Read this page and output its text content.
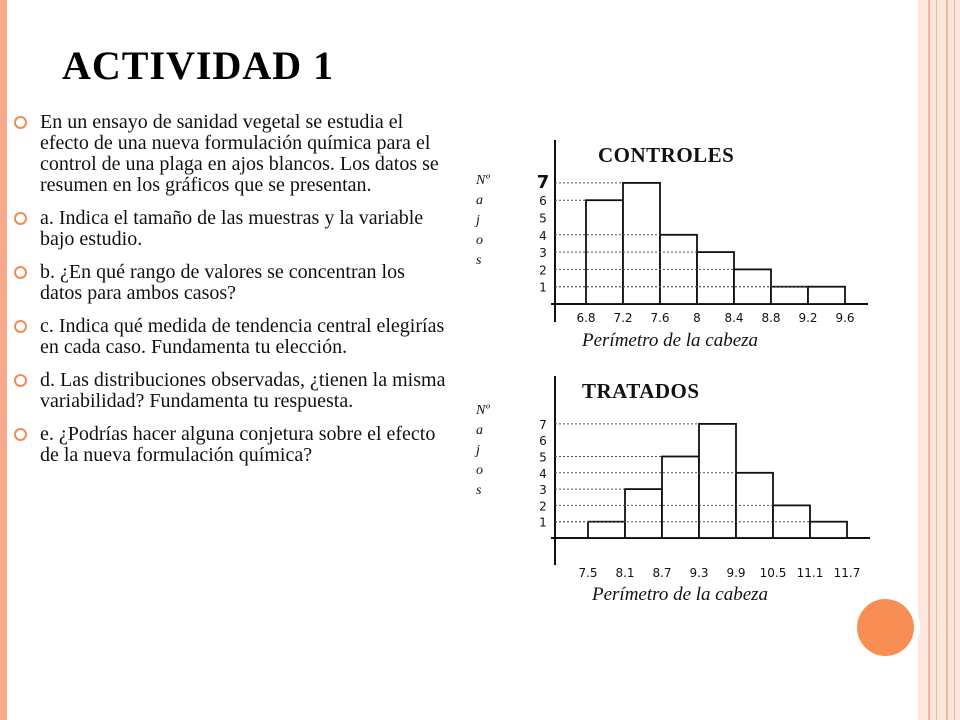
ACTIVIDAD 1
En un ensayo de sanidad vegetal se estudia el efecto de una nueva formulación química para el control de una plaga en ajos blancos. Los datos se resumen en los gráficos que se presentan.
a. Indica el tamaño de las muestras y la variable bajo estudio.
b. ¿En qué rango de valores se concentran los datos para ambos casos?
c. Indica qué medida de tendencia central elegirías en cada caso. Fundamenta tu elección.
d. Las distribuciones observadas, ¿tienen la misma variabilidad? Fundamenta tu respuesta.
e. ¿Podrías hacer alguna conjetura sobre el efecto de la nueva formulación química?
1
2
3
4
5
6
7
6.8 7.2 7.6 8 8.4 8.8 9.2 9.6
CONTROLES
Perímetro de la cabeza
Nº
a
j
o
s
1
2
3
4
5
6
7
7.5 8.1 8.7 9.3 9.9 10.5 11.1 11.7
TRATADOS
Perímetro de la cabeza
Nº
a
j
o
s
